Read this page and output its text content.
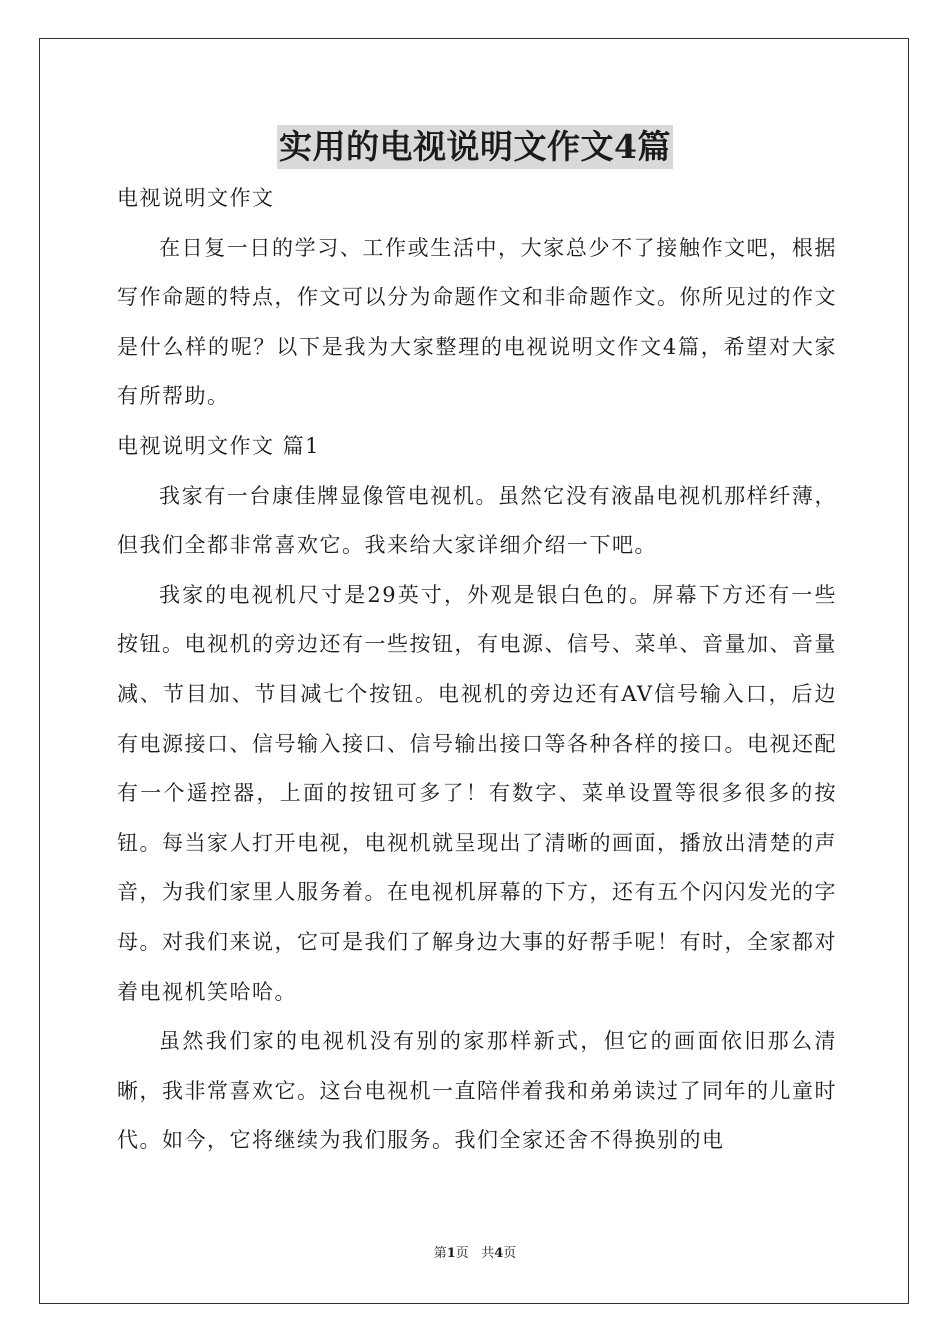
实用的电视说明文作文4篇

电视说明文作文

在日复一日的学习、工作或生活中，大家总少不了接触作文吧，根据写作命题的特点，作文可以分为命题作文和非命题作文。你所见过的作文是什么样的呢？以下是我为大家整理的电视说明文作文4篇，希望对大家有所帮助。

电视说明文作文 篇1

我家有一台康佳牌显像管电视机。虽然它没有液晶电视机那样纤薄，但我们全都非常喜欢它。我来给大家详细介绍一下吧。

我家的电视机尺寸是29英寸，外观是银白色的。屏幕下方还有一些按钮。电视机的旁边还有一些按钮，有电源、信号、菜单、音量加、音量减、节目加、节目减七个按钮。电视机的旁边还有AV信号输入口，后边有电源接口、信号输入接口、信号输出接口等各种各样的接口。电视还配有一个遥控器，上面的按钮可多了！有数字、菜单设置等很多很多的按钮。每当家人打开电视，电视机就呈现出了清晰的画面，播放出清楚的声音，为我们家里人服务着。在电视机屏幕的下方，还有五个闪闪发光的字母。对我们来说，它可是我们了解身边大事的好帮手呢！有时，全家都对着电视机笑哈哈。

虽然我们家的电视机没有别的家那样新式，但它的画面依旧那么清晰，我非常喜欢它。这台电视机一直陪伴着我和弟弟读过了同年的儿童时代。如今，它将继续为我们服务。我们全家还舍不得换别的电

第1页 共4页
